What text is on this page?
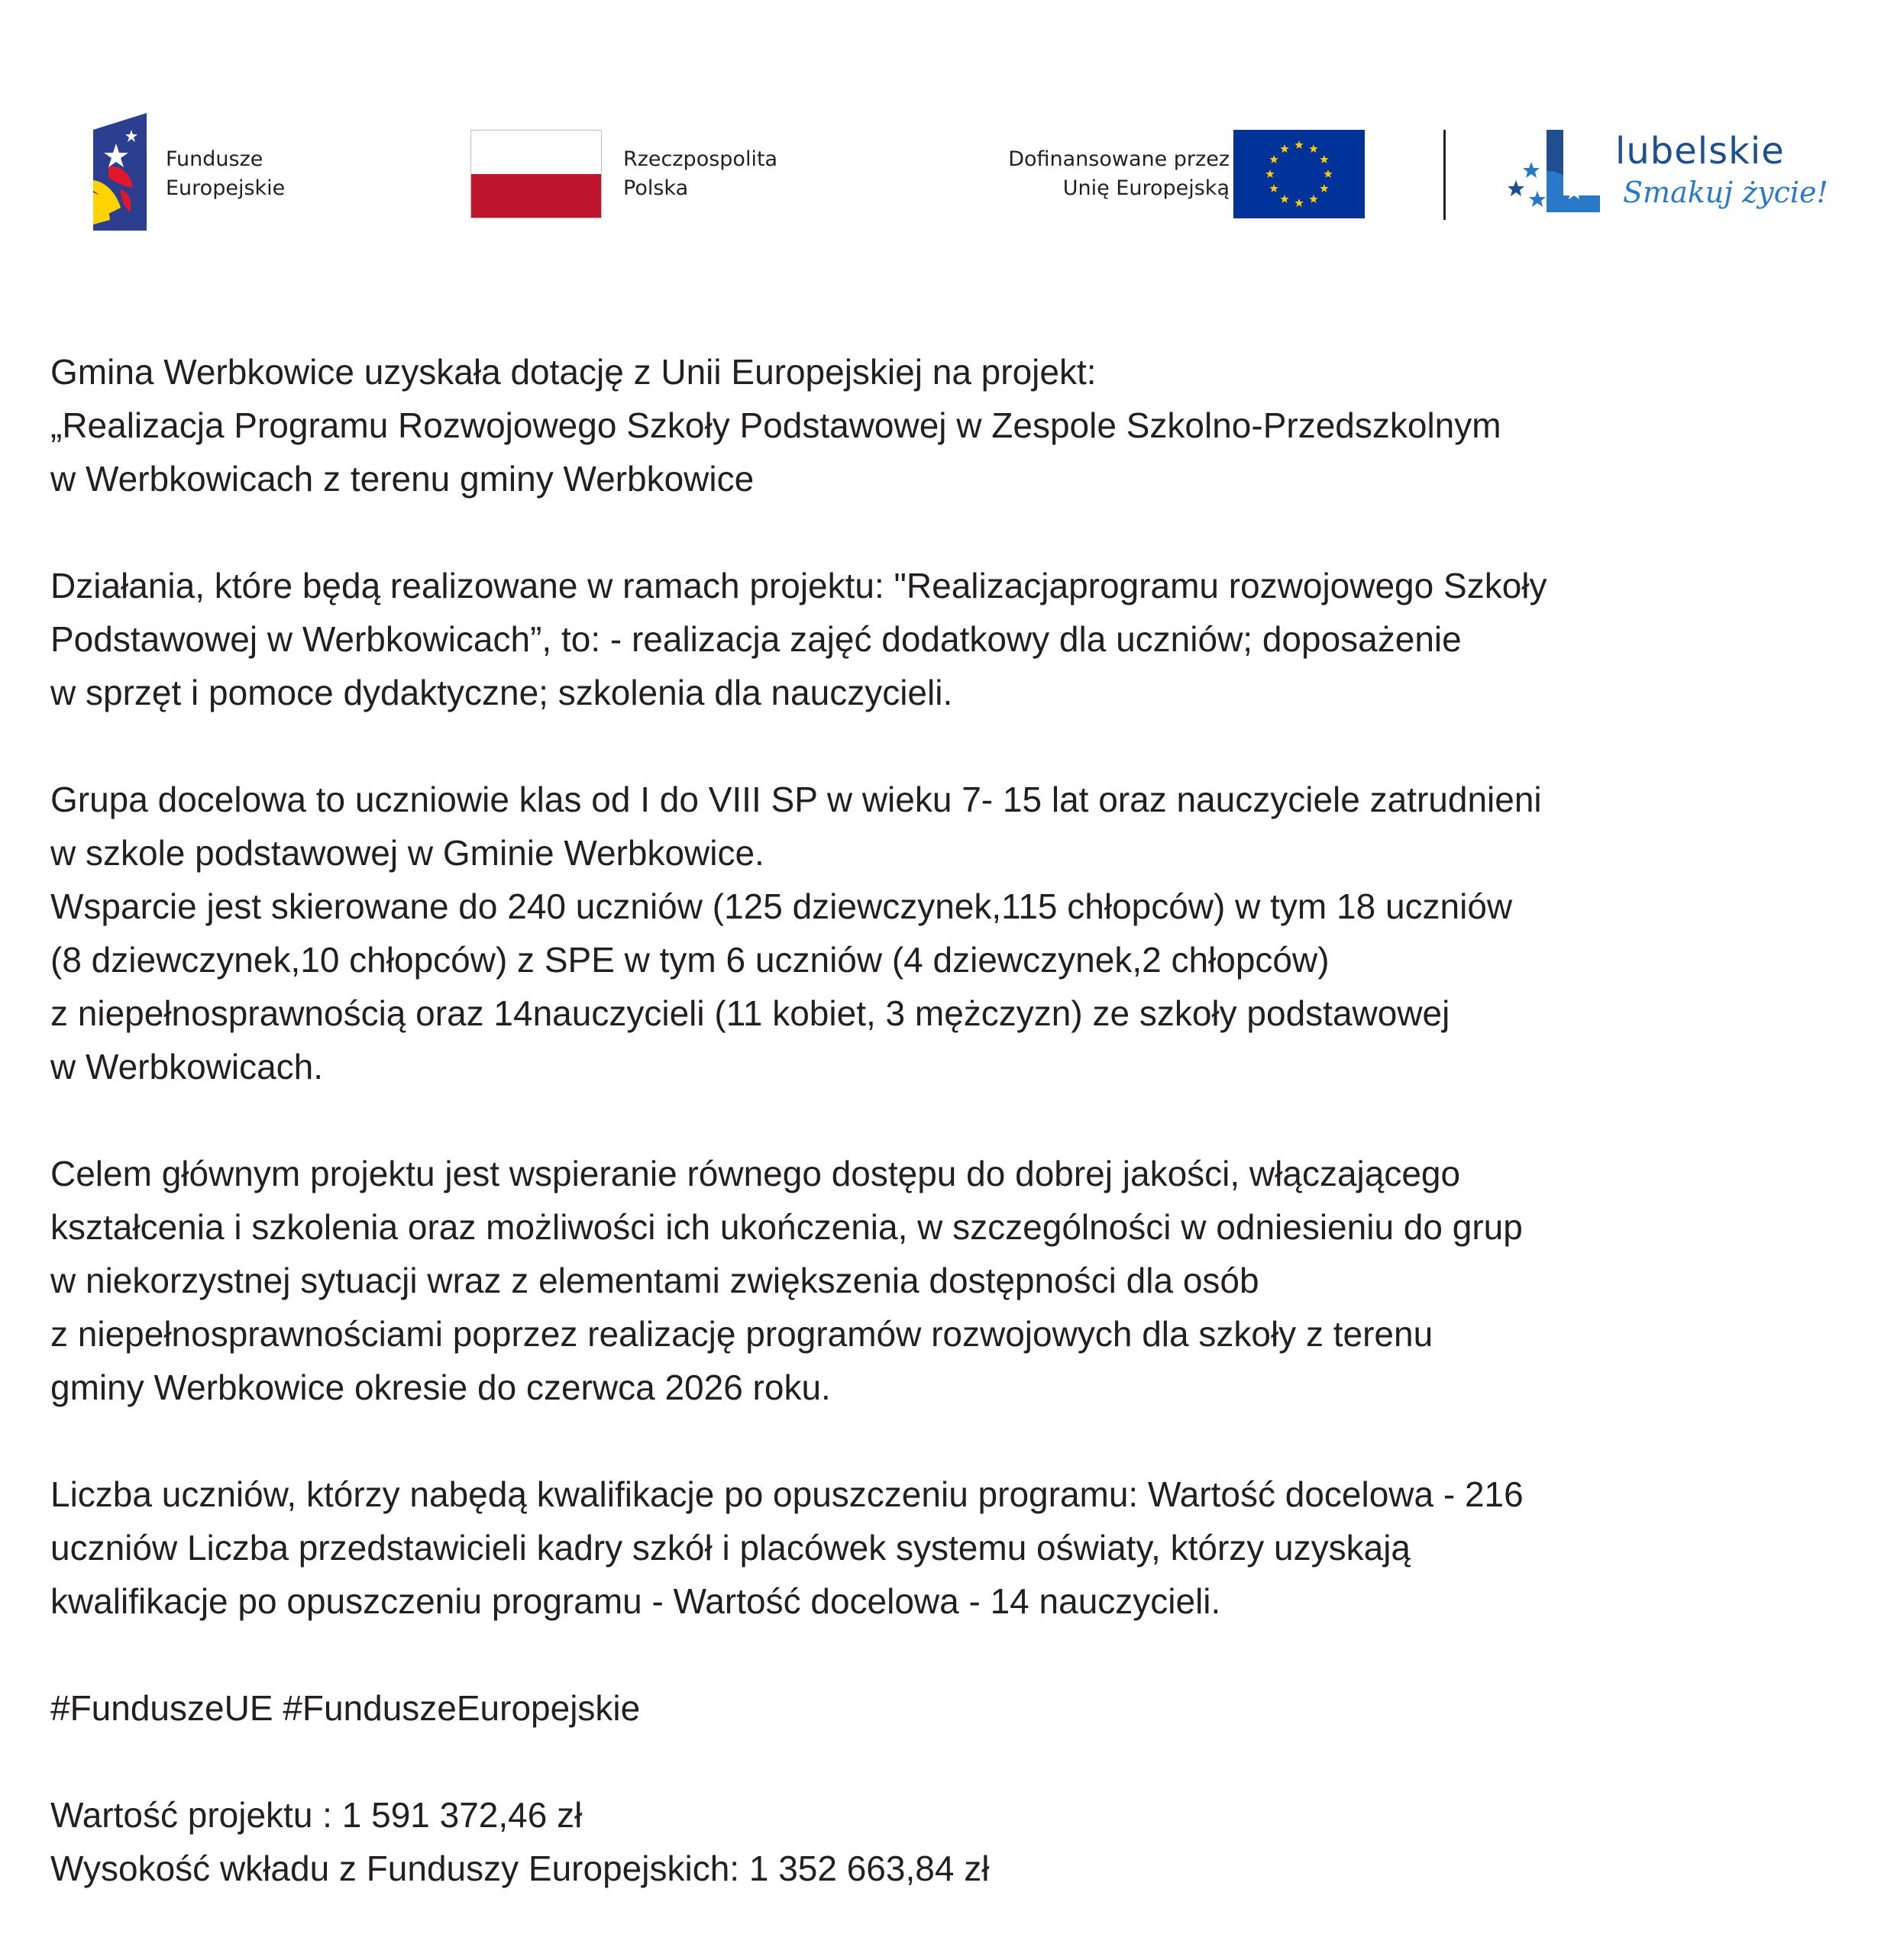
Fundusze
Europejskie
Rzeczpospolita
Polska
Dofinansowane przez
Unię Europejską
lubelskie
Smakuj życie!

Gmina Werbkowice uzyskała dotację z Unii Europejskiej na projekt:
„Realizacja Programu Rozwojowego Szkoły Podstawowej w Zespole Szkolno-Przedszkolnym
w Werbkowicach z terenu gminy Werbkowice

Działania, które będą realizowane w ramach projektu: "Realizacjaprogramu rozwojowego Szkoły
Podstawowej w Werbkowicach”, to: - realizacja zajęć dodatkowy dla uczniów; doposażenie
w sprzęt i pomoce dydaktyczne; szkolenia dla nauczycieli.

Grupa docelowa to uczniowie klas od I do VIII SP w wieku 7- 15 lat oraz nauczyciele zatrudnieni
w szkole podstawowej w Gminie Werbkowice.
Wsparcie jest skierowane do 240 uczniów (125 dziewczynek,115 chłopców) w tym 18 uczniów
(8 dziewczynek,10 chłopców) z SPE w tym 6 uczniów (4 dziewczynek,2 chłopców)
z niepełnosprawnością oraz 14nauczycieli (11 kobiet, 3 mężczyzn) ze szkoły podstawowej
w Werbkowicach.

Celem głównym projektu jest wspieranie równego dostępu do dobrej jakości, włączającego
kształcenia i szkolenia oraz możliwości ich ukończenia, w szczególności w odniesieniu do grup
w niekorzystnej sytuacji wraz z elementami zwiększenia dostępności dla osób
z niepełnosprawnościami poprzez realizację programów rozwojowych dla szkoły z terenu
gminy Werbkowice okresie do czerwca 2026 roku.

Liczba uczniów, którzy nabędą kwalifikacje po opuszczeniu programu: Wartość docelowa - 216
uczniów Liczba przedstawicieli kadry szkół i placówek systemu oświaty, którzy uzyskają
kwalifikacje po opuszczeniu programu - Wartość docelowa - 14 nauczycieli.

#FunduszeUE #FunduszeEuropejskie

Wartość projektu : 1 591 372,46 zł
Wysokość wkładu z Funduszy Europejskich: 1 352 663,84 zł
